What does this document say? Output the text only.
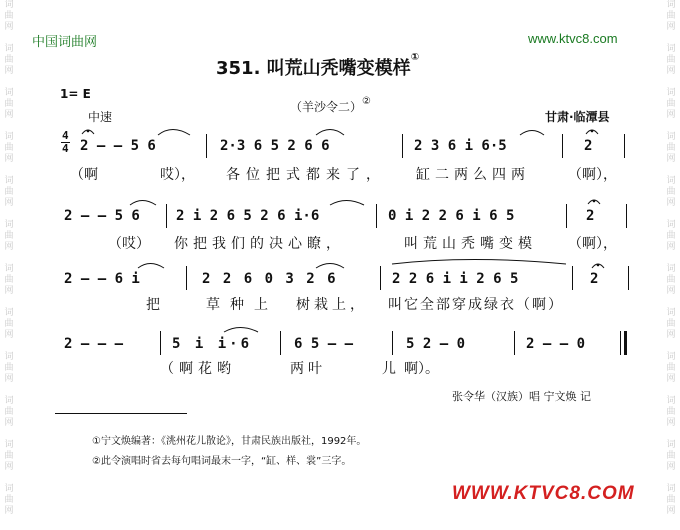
词
曲
网

词
曲
网

词
曲
网

词
曲
网

词
曲
网

词
曲
网

词
曲
网

词
曲
网

词
曲
网

词
曲
网

词
曲
网

词
曲
网
词
曲
网

词
曲
网

词
曲
网

词
曲
网

词
曲
网

词
曲
网

词
曲
网

词
曲
网

词
曲
网

词
曲
网

词
曲
网

词
曲
网
中国词曲网	www.ktvc8.com
351. 叫荒山秃嘴变模样①
1= E
中速
（羊沙令二）②
甘肃·临潭县
4
4 2 — — 5 6	2·3 6 5 2 6 6	2 3 6 i 6·5	2
（啊	哎）， 各位把式都来了， 缸二两么四两	（啊），
2 — — 5 6	2 i 2 6 5 2 6 i·6	0 i 2 2 6 i 6 5	2
（哎） 你把我们的决心瞭，	叫荒山秃嘴变模 （啊），
2 — — 6 i	2 2 6 0 3 2 6	2 2 6 i i 2 6 5	2
把	草种上 树栽上， 叫它全部穿成绿衣（啊）
2 — — —	5 i i·6	6 5 — —	5 2 — 0	2 — — 0
（啊花哟	两叶	儿 啊）。
张令华（汉族）唱 宁文焕 记
①宁文焕编著：《洮州花儿散论》，甘肃民族出版社，1992年。
②此令演唱时省去每句唱词最末一字，“缸、样、裳”三字。
WWW.KTVC8.COM
